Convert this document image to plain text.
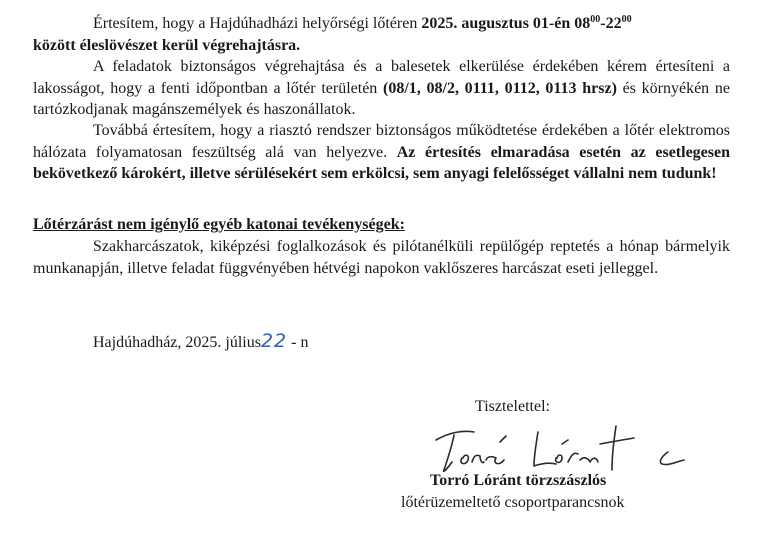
Értesítem, hogy a Hajdúhadházi helyőrségi lőtéren 2025. augusztus 01-én $08^{00}-22^{00}$
között éleslövészet kerül végrehajtásra.

A feladatok biztonságos végrehajtása és a balesetek elkerülése érdekében kérem értesíteni a lakosságot, hogy a fenti időpontban a lőtér területén (08/1, 08/2, 0111, 0112, 0113 hrsz) és környékén ne tartózkodjanak magánszemélyek és haszonállatok.

Továbbá értesítem, hogy a riasztó rendszer biztonságos működtetése érdekében a lőtér elektromos hálózata folyamatosan feszültség alá van helyezve. Az értesítés elmaradása esetén az esetlegesen bekövetkező károkért, illetve sérülésekért sem erkölcsi, sem anyagi felelősséget vállalni nem tudunk!

Lőtérzárást nem igénylő egyéb katonai tevékenységek:

Szakharcászatok, kiképzési foglalkozások és pilótanélküli repülőgép reptetés a hónap bármelyik munkanapján, illetve feladat függvényében hétvégi napokon vaklőszeres harcászat eseti jelleggel.

Hajdúhadház, 2025. július22 - n
Tisztelettel:
Torró Lóránt törzszászlós
lőtérüzemeltető csoportparancsnok
